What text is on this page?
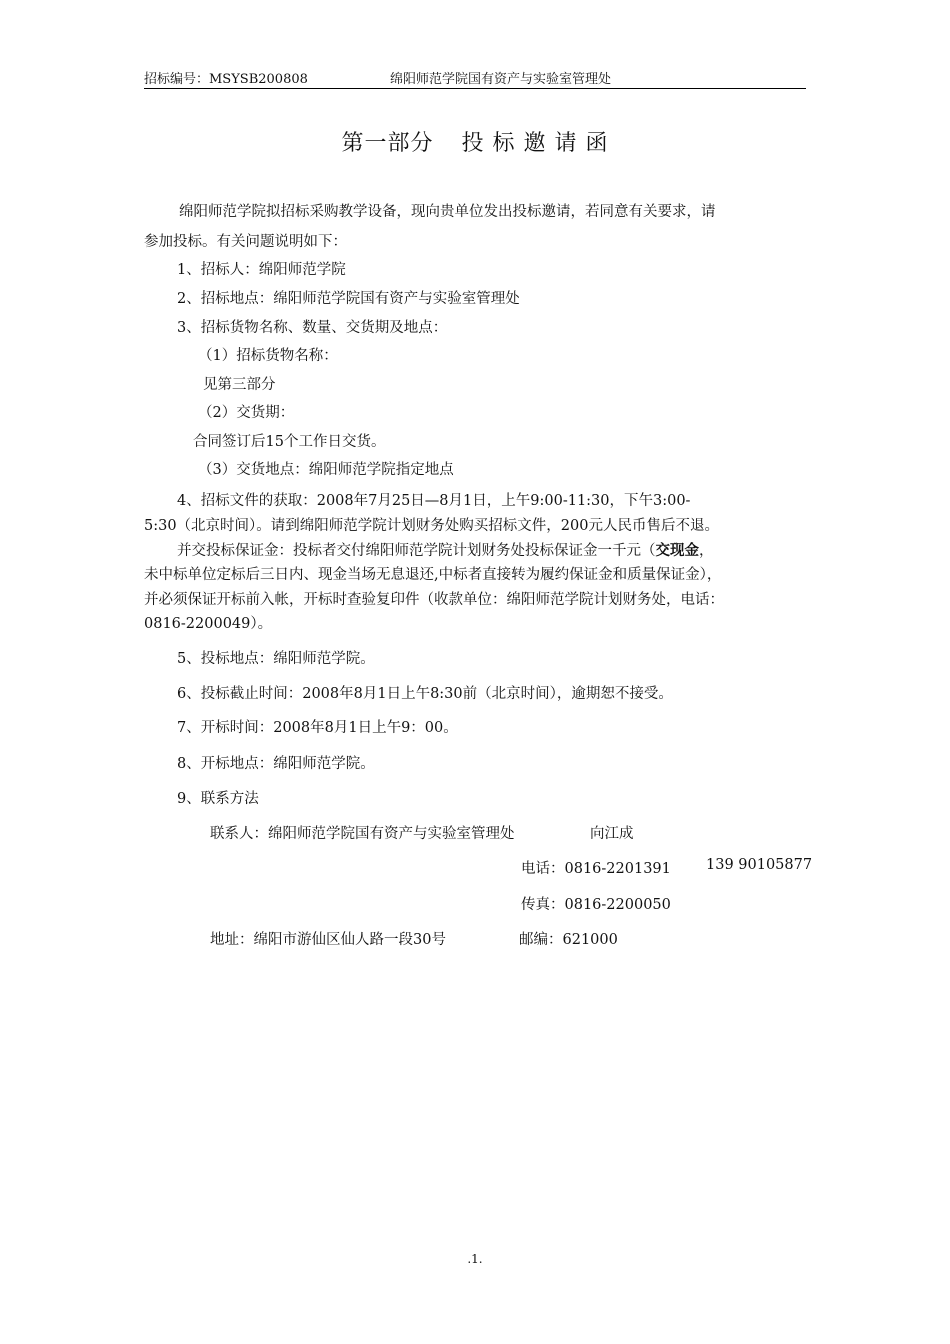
招标编号：MSYSB200808	绵阳师范学院国有资产与实验室管理处
第一部分 投 标 邀 请 函
绵阳师范学院拟招标采购教学设备，现向贵单位发出投标邀请，若同意有关要求，请
参加投标。有关问题说明如下：
1、招标人：绵阳师范学院
2、招标地点：绵阳师范学院国有资产与实验室管理处
3、招标货物名称、数量、交货期及地点：
（1）招标货物名称：
见第三部分
（2）交货期：
合同签订后15个工作日交货。
（3）交货地点：绵阳师范学院指定地点
4、招标文件的获取：2008年7月25日—8月1日，上午9:00-11:30，下午3:00-
5:30（北京时间）。请到绵阳师范学院计划财务处购买招标文件，200元人民币售后不退。
并交投标保证金：投标者交付绵阳师范学院计划财务处投标保证金一千元（交现金，
未中标单位定标后三日内、现金当场无息退还,中标者直接转为履约保证金和质量保证金），
并必须保证开标前入帐，开标时查验复印件（收款单位：绵阳师范学院计划财务处，电话：
0816-2200049）。
5、投标地点：绵阳师范学院。
6、投标截止时间：2008年8月1日上午8:30前（北京时间），逾期恕不接受。
7、开标时间：2008年8月1日上午9：00。
8、开标地点：绵阳师范学院。
9、联系方法
联系人：绵阳师范学院国有资产与实验室管理处	向江成
电话：0816-2201391 139 90105877
传真：0816-2200050
地址：绵阳市游仙区仙人路一段30号	邮编：621000
.1.
